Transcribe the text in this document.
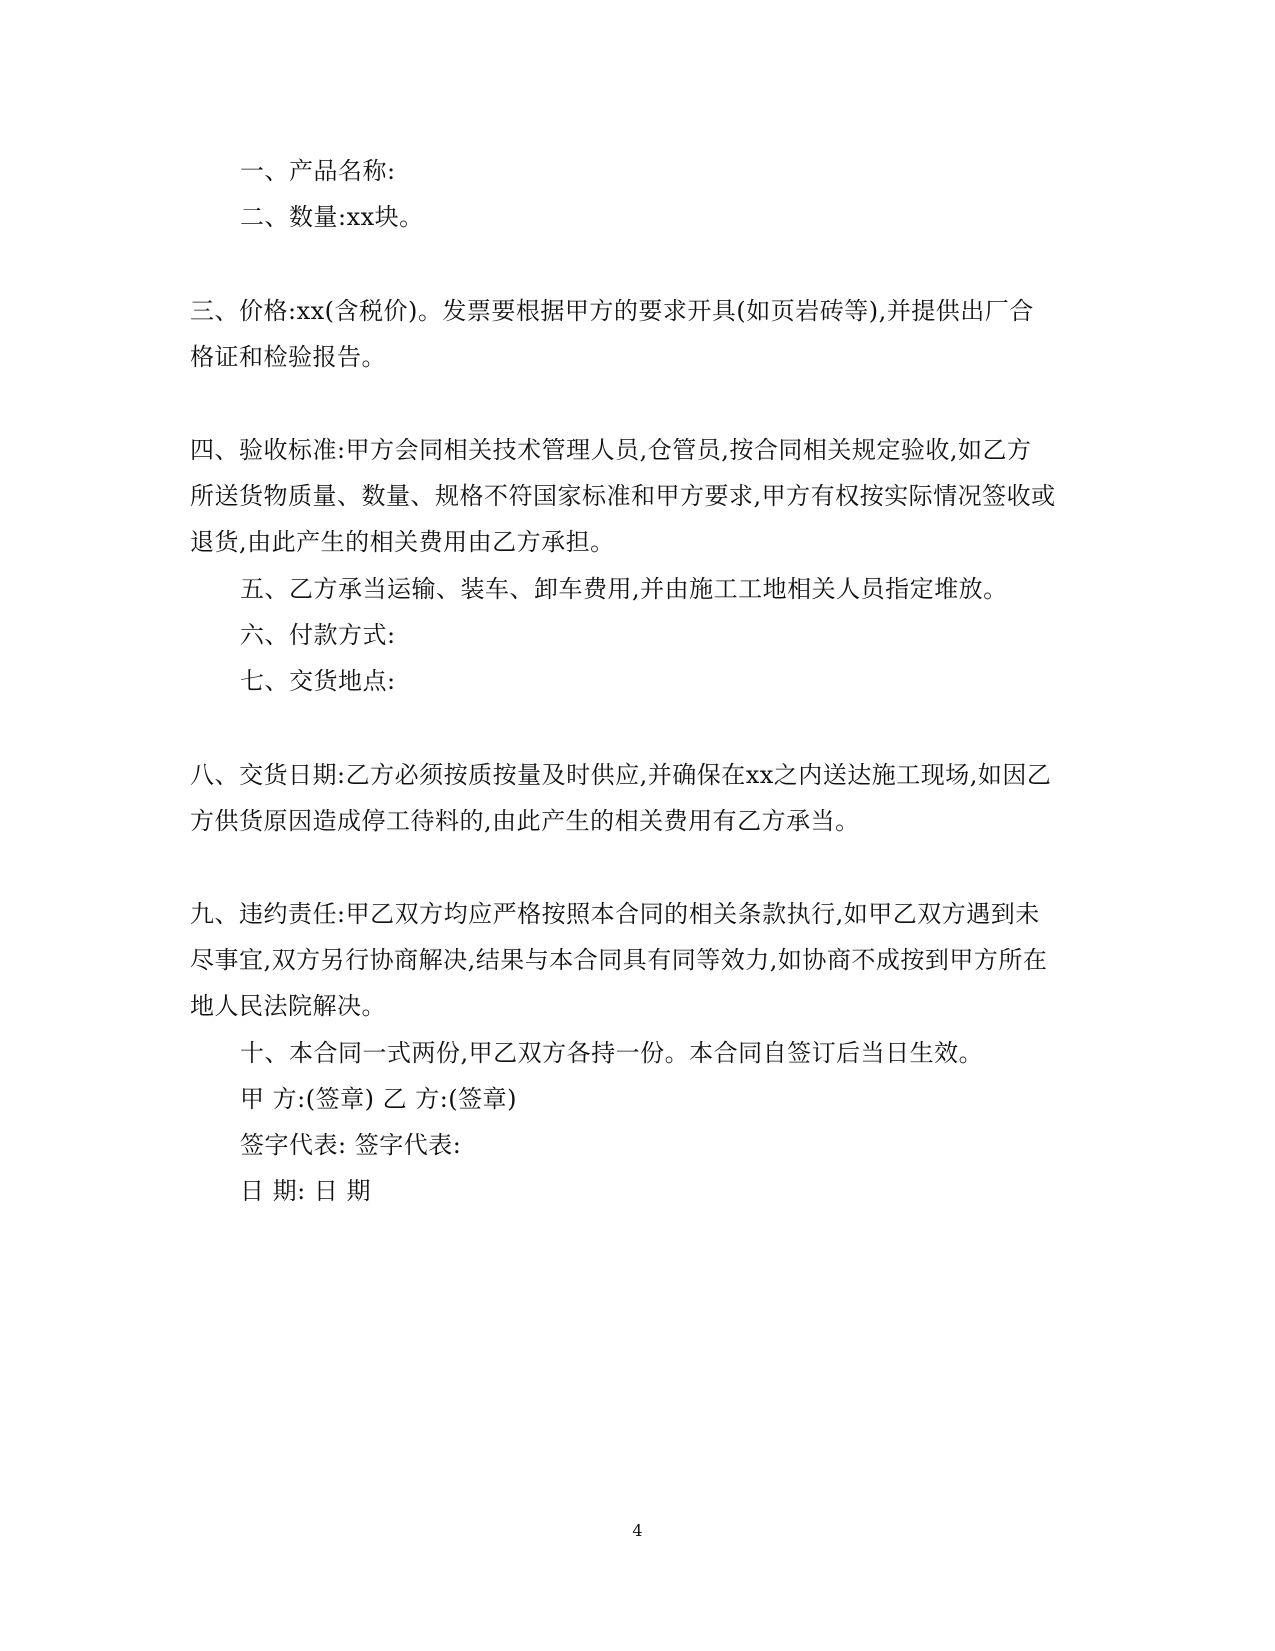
一、产品名称:
二、数量:xx块。
三、价格:xx(含税价)。发票要根据甲方的要求开具(如页岩砖等),并提供出厂合
格证和检验报告。
四、验收标准:甲方会同相关技术管理人员,仓管员,按合同相关规定验收,如乙方
所送货物质量、数量、规格不符国家标准和甲方要求,甲方有权按实际情况签收或
退货,由此产生的相关费用由乙方承担。
五、乙方承当运输、装车、卸车费用,并由施工工地相关人员指定堆放。
六、付款方式:
七、交货地点:
八、交货日期:乙方必须按质按量及时供应,并确保在xx之内送达施工现场,如因乙
方供货原因造成停工待料的,由此产生的相关费用有乙方承当。
九、违约责任:甲乙双方均应严格按照本合同的相关条款执行,如甲乙双方遇到未
尽事宜,双方另行协商解决,结果与本合同具有同等效力,如协商不成按到甲方所在
地人民法院解决。
十、本合同一式两份,甲乙双方各持一份。本合同自签订后当日生效。
甲 方:(签章) 乙 方:(签章)
签字代表: 签字代表:
日 期: 日 期
4
